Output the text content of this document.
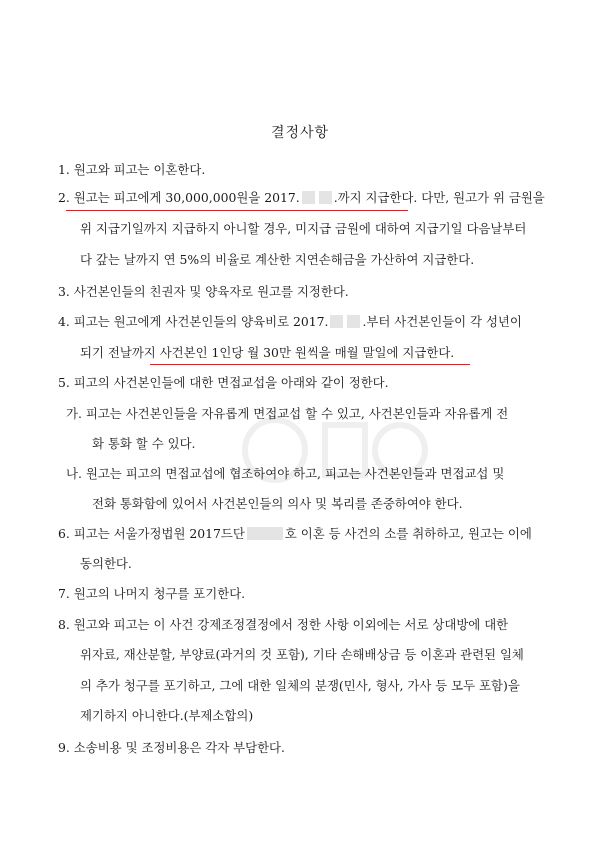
결정사항
1. 원고와 피고는 이혼한다.
2. 원고는 피고에게 30,000,000원을 2017.	.까지 지급한다. 다만, 원고가 위 금원을
위 지급기일까지 지급하지 아니할 경우, 미지급 금원에 대하여 지급기일 다음날부터
다 갚는 날까지 연 5%의 비율로 계산한 지연손해금을 가산하여 지급한다.
3. 사건본인들의 친권자 및 양육자로 원고를 지정한다.
4. 피고는 원고에게 사건본인들의 양육비로 2017.	.부터 사건본인들이 각 성년이
되기 전날까지 사건본인 1인당 월 30만 원씩을 매월 말일에 지급한다.
5. 피고의 사건본인들에 대한 면접교섭을 아래와 같이 정한다.
가. 피고는 사건본인들을 자유롭게 면접교섭 할 수 있고, 사건본인들과 자유롭게 전
화 통화 할 수 있다.
나. 원고는 피고의 면접교섭에 협조하여야 하고, 피고는 사건본인들과 면접교섭 및
전화 통화함에 있어서 사건본인들의 의사 및 복리를 존중하여야 한다.
6. 피고는 서울가정법원 2017드단	호 이혼 등 사건의 소를 취하하고, 원고는 이에
동의한다.
7. 원고의 나머지 청구를 포기한다.
8. 원고와 피고는 이 사건 강제조정결정에서 정한 사항 이외에는 서로 상대방에 대한
위자료, 재산분할, 부양료(과거의 것 포함), 기타 손해배상금 등 이혼과 관련된 일체
의 추가 청구를 포기하고, 그에 대한 일체의 분쟁(민사, 형사, 가사 등 모두 포함)을
제기하지 아니한다.(부제소합의)
9. 소송비용 및 조정비용은 각자 부담한다.
